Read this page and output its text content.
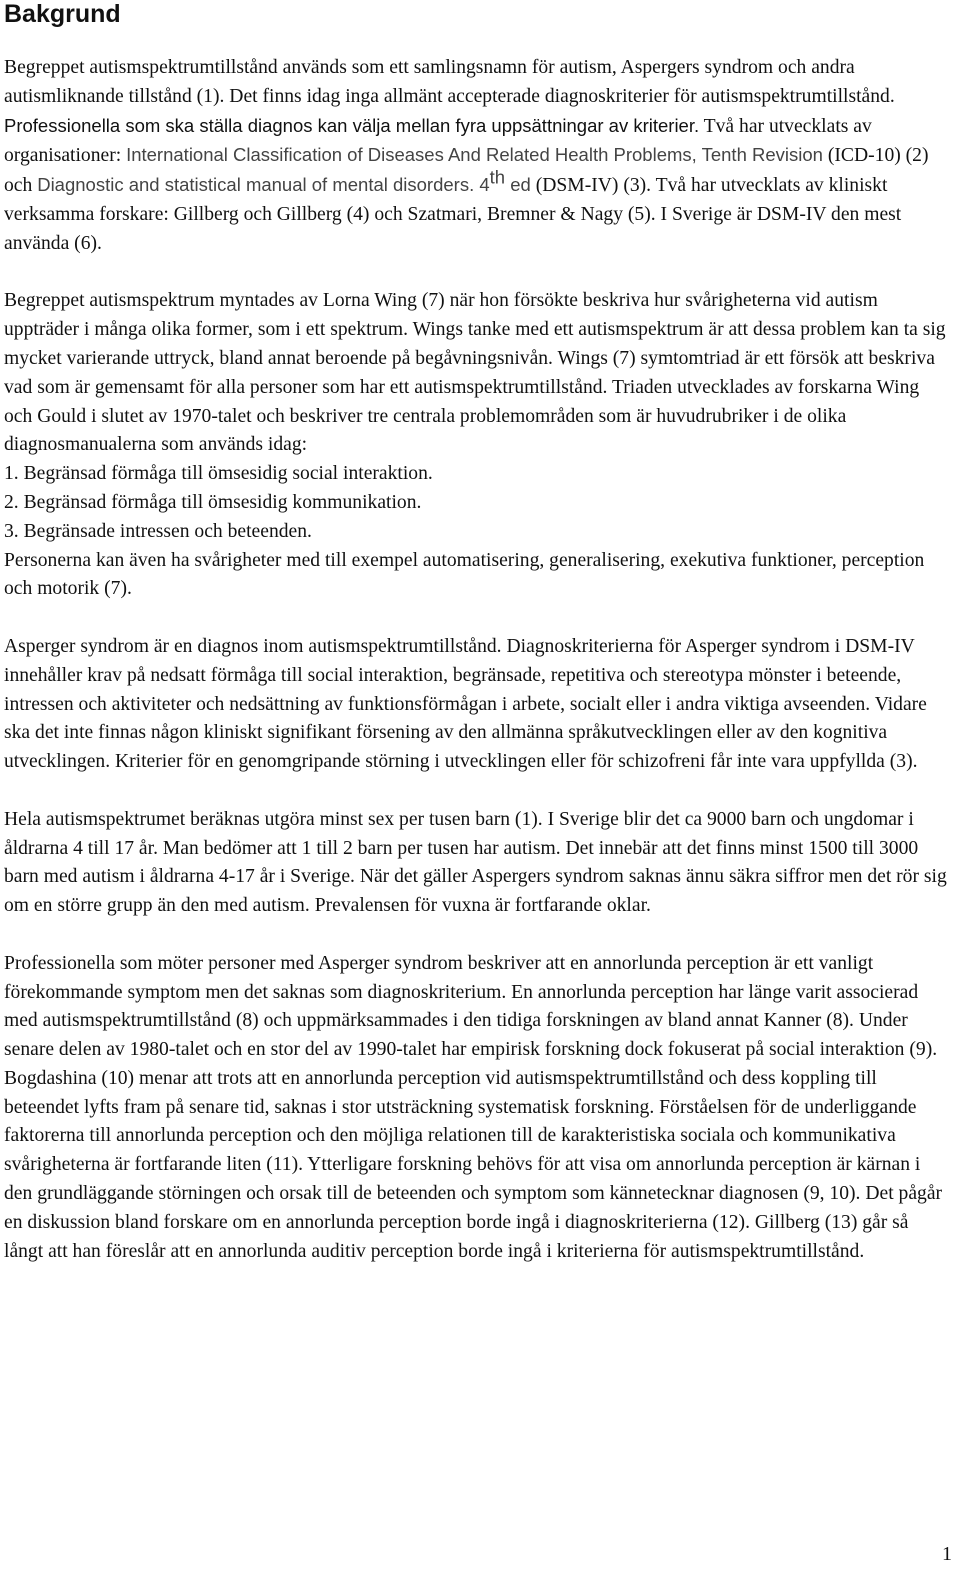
Bakgrund

Begreppet autismspektrumtillstånd används som ett samlingsnamn för autism, Aspergers syndrom och andra autismliknande tillstånd (1). Det finns idag inga allmänt accepterade diagnoskriterier för autismspektrumtillstånd. Professionella som ska ställa diagnos kan välja mellan fyra uppsättningar av kriterier. Två har utvecklats av organisationer: International Classification of Diseases And Related Health Problems, Tenth Revision (ICD-10) (2) och Diagnostic and statistical manual of mental disorders. 4th ed (DSM-IV) (3). Två har utvecklats av kliniskt verksamma forskare: Gillberg och Gillberg (4) och Szatmari, Bremner & Nagy (5). I Sverige är DSM-IV den mest använda (6).

Begreppet autismspektrum myntades av Lorna Wing (7) när hon försökte beskriva hur svårigheterna vid autism uppträder i många olika former, som i ett spektrum. Wings tanke med ett autismspektrum är att dessa problem kan ta sig mycket varierande uttryck, bland annat beroende på begåvningsnivån. Wings (7) symtomtriad är ett försök att beskriva vad som är gemensamt för alla personer som har ett autismspektrumtillstånd. Triaden utvecklades av forskarna Wing och Gould i slutet av 1970-talet och beskriver tre centrala problemområden som är huvudrubriker i de olika diagnosmanualerna som används idag:

1. Begränsad förmåga till ömsesidig social interaktion.

2. Begränsad förmåga till ömsesidig kommunikation.

3. Begränsade intressen och beteenden.

Personerna kan även ha svårigheter med till exempel automatisering, generalisering, exekutiva funktioner, perception och motorik (7).

Asperger syndrom är en diagnos inom autismspektrumtillstånd. Diagnoskriterierna för Asperger syndrom i DSM-IV innehåller krav på nedsatt förmåga till social interaktion, begränsade, repetitiva och stereotypa mönster i beteende, intressen och aktiviteter och nedsättning av funktionsförmågan i arbete, socialt eller i andra viktiga avseenden. Vidare ska det inte finnas någon kliniskt signifikant försening av den allmänna språkutvecklingen eller av den kognitiva utvecklingen. Kriterier för en genomgripande störning i utvecklingen eller för schizofreni får inte vara uppfyllda (3).

Hela autismspektrumet beräknas utgöra minst sex per tusen barn (1). I Sverige blir det ca 9000 barn och ungdomar i åldrarna 4 till 17 år. Man bedömer att 1 till 2 barn per tusen har autism. Det innebär att det finns minst 1500 till 3000 barn med autism i åldrarna 4-17 år i Sverige. När det gäller Aspergers syndrom saknas ännu säkra siffror men det rör sig om en större grupp än den med autism. Prevalensen för vuxna är fortfarande oklar.

Professionella som möter personer med Asperger syndrom beskriver att en annorlunda perception är ett vanligt förekommande symptom men det saknas som diagnoskriterium. En annorlunda perception har länge varit associerad med autismspektrumtillstånd (8) och uppmärksammades i den tidiga forskningen av bland annat Kanner (8). Under senare delen av 1980-talet och en stor del av 1990-talet har empirisk forskning dock fokuserat på social interaktion (9). Bogdashina (10) menar att trots att en annorlunda perception vid autismspektrumtillstånd och dess koppling till beteendet lyfts fram på senare tid, saknas i stor utsträckning systematisk forskning. Förståelsen för de underliggande faktorerna till annorlunda perception och den möjliga relationen till de karakteristiska sociala och kommunikativa svårigheterna är fortfarande liten (11). Ytterligare forskning behövs för att visa om annorlunda perception är kärnan i den grundläggande störningen och orsak till de beteenden och symptom som kännetecknar diagnosen (9, 10). Det pågår en diskussion bland forskare om en annorlunda perception borde ingå i diagnoskriterierna (12). Gillberg (13) går så långt att han föreslår att en annorlunda auditiv perception borde ingå i kriterierna för autismspektrumtillstånd.

1
